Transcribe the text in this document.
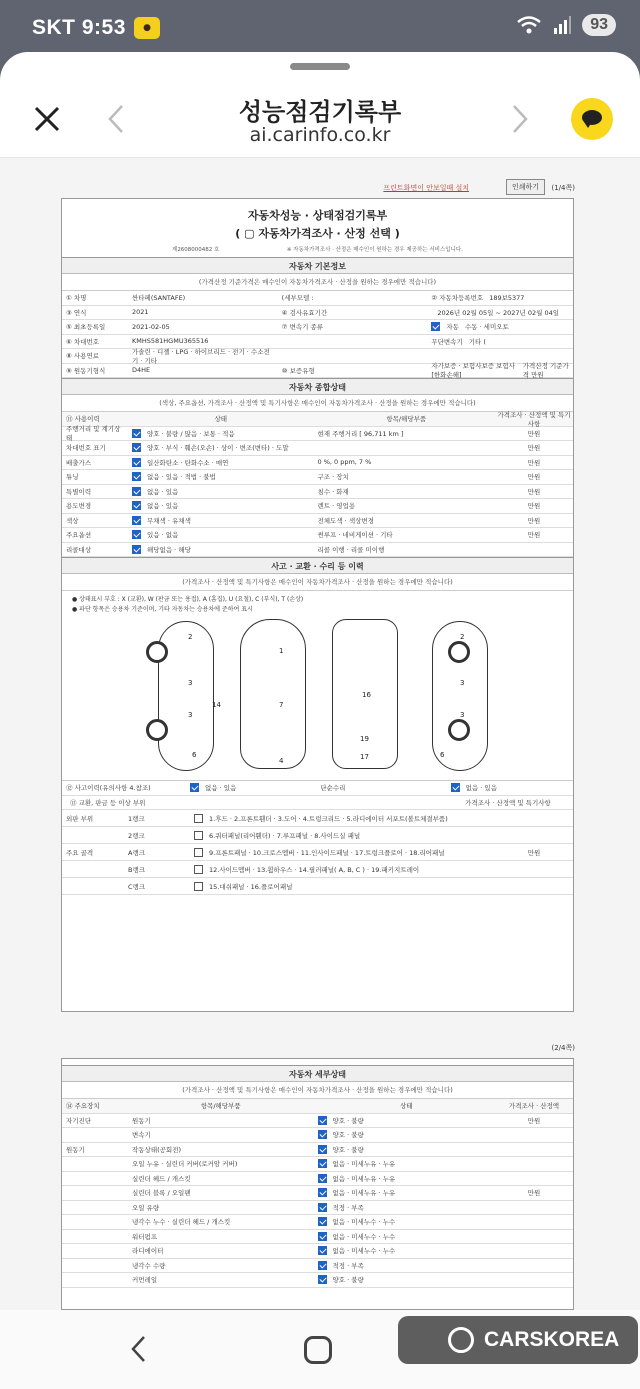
SKT 9:53	●	93
성능점검기록부
ai.carinfo.co.kr
프린트화면이 안보일때 설치	인쇄하기	(1/4쪽)
자동차성능 · 상태점검기록부
( ▢ 자동차가격조사 · 산정 선택 )
제2608000482 호	※ 자동차가격조사 · 산정은 매수인이 원하는 경우 제공하는 서비스입니다.
자동차 기본정보
(가격산정 기준가격은 매수인이 자동차가격조사 · 산정을 원하는 경우에만 적습니다)
① 차명	싼타페(SANTAFE)	(세부모델 :	② 자동차등록번호 189보5377
③ 연식	2021	④ 검사유효기간	2026년 02월 05일 ~ 2027년 02월 04일
⑤ 최초등록일	2021-02-05	⑦ 변속기 종류	자동 수동 · 세미오토
⑥ 차대번호	KMHS581HGMU365516	무단변속기 기타 (
⑧ 사용연료
가솔린 · 디젤 · LPG · 하이브리드 · 전기 · 수소전기 · 기타
⑨ 원동기형식	D4HE	⑩ 보증유형
자가보증 · 보험사보증 보험사[한화손해]
가격산정 기준가격 만원
자동차 종합상태
(색상, 주요옵션, 가격조사 · 산정액 및 특기사항은 매수인이 자동차가격조사 · 산정을 원하는 경우에만 적습니다)
⑪ 사용이력	상태	항목/해당부품
가격조사 · 산정액 및 특기사항
주행거리 및 계기상태
양호 · 불량 / 많음 · 보통 · 적음	현재 주행거리 [ 96,711 km ]	만원
차대번호 표기	양호 · 부식 · 훼손(오손) · 상이 · 변조(변타) · 도말	만원
배출가스	일산화탄소 · 탄화수소 · 매연	0 %, 0 ppm, 7 %	만원
튜닝	없음 · 있음 · 적법 · 불법	구조 · 장치	만원
특별이력	없음 · 있음	침수 · 화재	만원
용도변경	없음 · 있음	렌트 · 영업용	만원
색상	무채색 · 유채색	전체도색 · 색상변경	만원
주요옵션	있음 · 없음	썬루프 · 네비게이션 · 기타	만원
리콜대상	해당없음 · 해당	리콜 이행 · 리콜 미이행
사고 · 교환 · 수리 등 이력
(가격조사 · 산정액 및 특기사항은 매수인이 자동차가격조사 · 산정을 원하는 경우에만 적습니다)
● 상태표시 부호 : X (교환), W (판금 또는 용접), A (흠집), U (요철), C (부식), T (손상)
● 파단 항목은 승용차 기준이며, 기타 자동차는 승용차에 준하여 표시
2
3
3
14
6
1
7
4
16
19
17
2
3
3
6
⑫ 사고이력(유의사항 4.참조)	없음 · 있음	단순수리	없음 · 있음
⑬ 교환, 판금 등 이상 부위	가격조사 · 산정액 및 특기사항
외판 부위	1랭크	1.후드 · 2.프론트휀더 · 3.도어 · 4.트렁크리드 · 5.라디에이터 서포트(볼트체결부품)
2랭크	6.쿼터패널(리어휀더) · 7.루프패널 · 8.사이드실 패널
주요 골격	A랭크	9.프론트패널 · 10.크로스멤버 · 11.인사이드패널 · 17.트렁크플로어 · 18.리어패널	만원
B랭크	12.사이드멤버 · 13.휠하우스 · 14.필러패널( A, B, C ) · 19.패키지트레이
C랭크	15.대쉬패널 · 16.플로어패널
(2/4쪽)
자동차 세부상태
(가격조사 · 산정액 및 특기사항은 매수인이 자동차가격조사 · 산정을 원하는 경우에만 적습니다)
⑭ 주요장치	항목/해당부품	상태	가격조사 · 산정액
자기진단	원동기	양호 · 불량	만원
변속기	양호 · 불량
원동기	작동상태(공회전)	양호 · 불량
오일 누유 · 실린더 커버(로커암 커버)	없음 · 미세누유 · 누유
실린더 헤드 / 개스킷	없음 · 미세누유 · 누유
실린더 블록 / 오일팬	없음 · 미세누유 · 누유	만원
오일 유량	적정 · 부족
냉각수 누수 · 실린더 헤드 / 개스킷	없음 · 미세누수 · 누수
워터펌프	없음 · 미세누수 · 누수
라디에이터	없음 · 미세누수 · 누수
냉각수 수량	적정 · 부족
커먼레일	양호 · 불량
CARSKOREA
